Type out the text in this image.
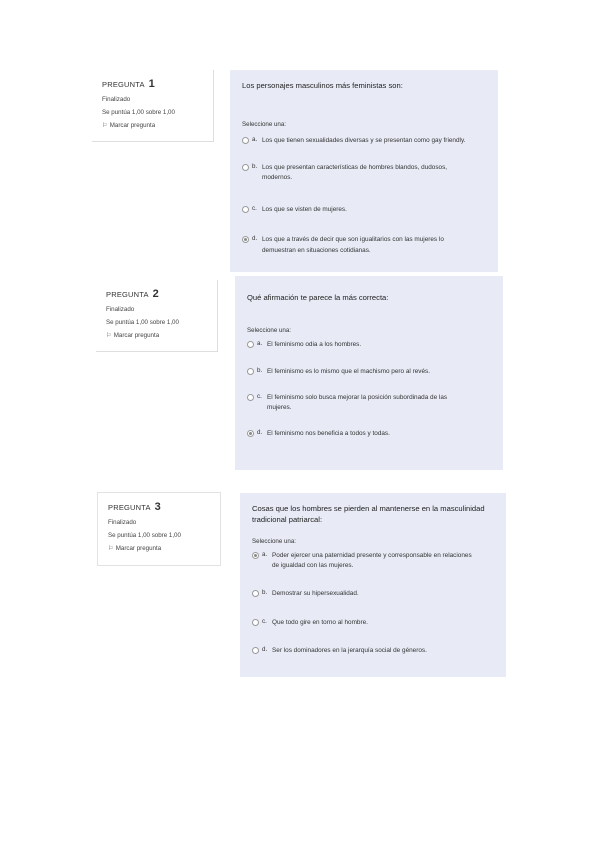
PREGUNTA 1
Finalizado
Se puntúa 1,00 sobre 1,00
⚐ Marcar pregunta
Los personajes masculinos más feministas son:
Seleccione una:
a. Los que tienen sexualidades diversas y se presentan como gay friendly.
b. Los que presentan características de hombres blandos, dudosos, modernos.
c. Los que se visten de mujeres.
d. Los que a través de decir que son igualitarios con las mujeres lo demuestran en situaciones cotidianas.
PREGUNTA 2
Finalizado
Se puntúa 1,00 sobre 1,00
⚐ Marcar pregunta
Qué afirmación te parece la más correcta:
Seleccione una:
a. El feminismo odia a los hombres.
b. El feminismo es lo mismo que el machismo pero al revés.
c. El feminismo solo busca mejorar la posición subordinada de las mujeres.
d. El feminismo nos beneficia a todos y todas.
PREGUNTA 3
Finalizado
Se puntúa 1,00 sobre 1,00
⚐ Marcar pregunta
Cosas que los hombres se pierden al mantenerse en la masculinidad tradicional patriarcal:
Seleccione una:
a. Poder ejercer una paternidad presente y corresponsable en relaciones de igualdad con las mujeres.
b. Demostrar su hipersexualidad.
c. Que todo gire en torno al hombre.
d. Ser los dominadores en la jerarquía social de géneros.
